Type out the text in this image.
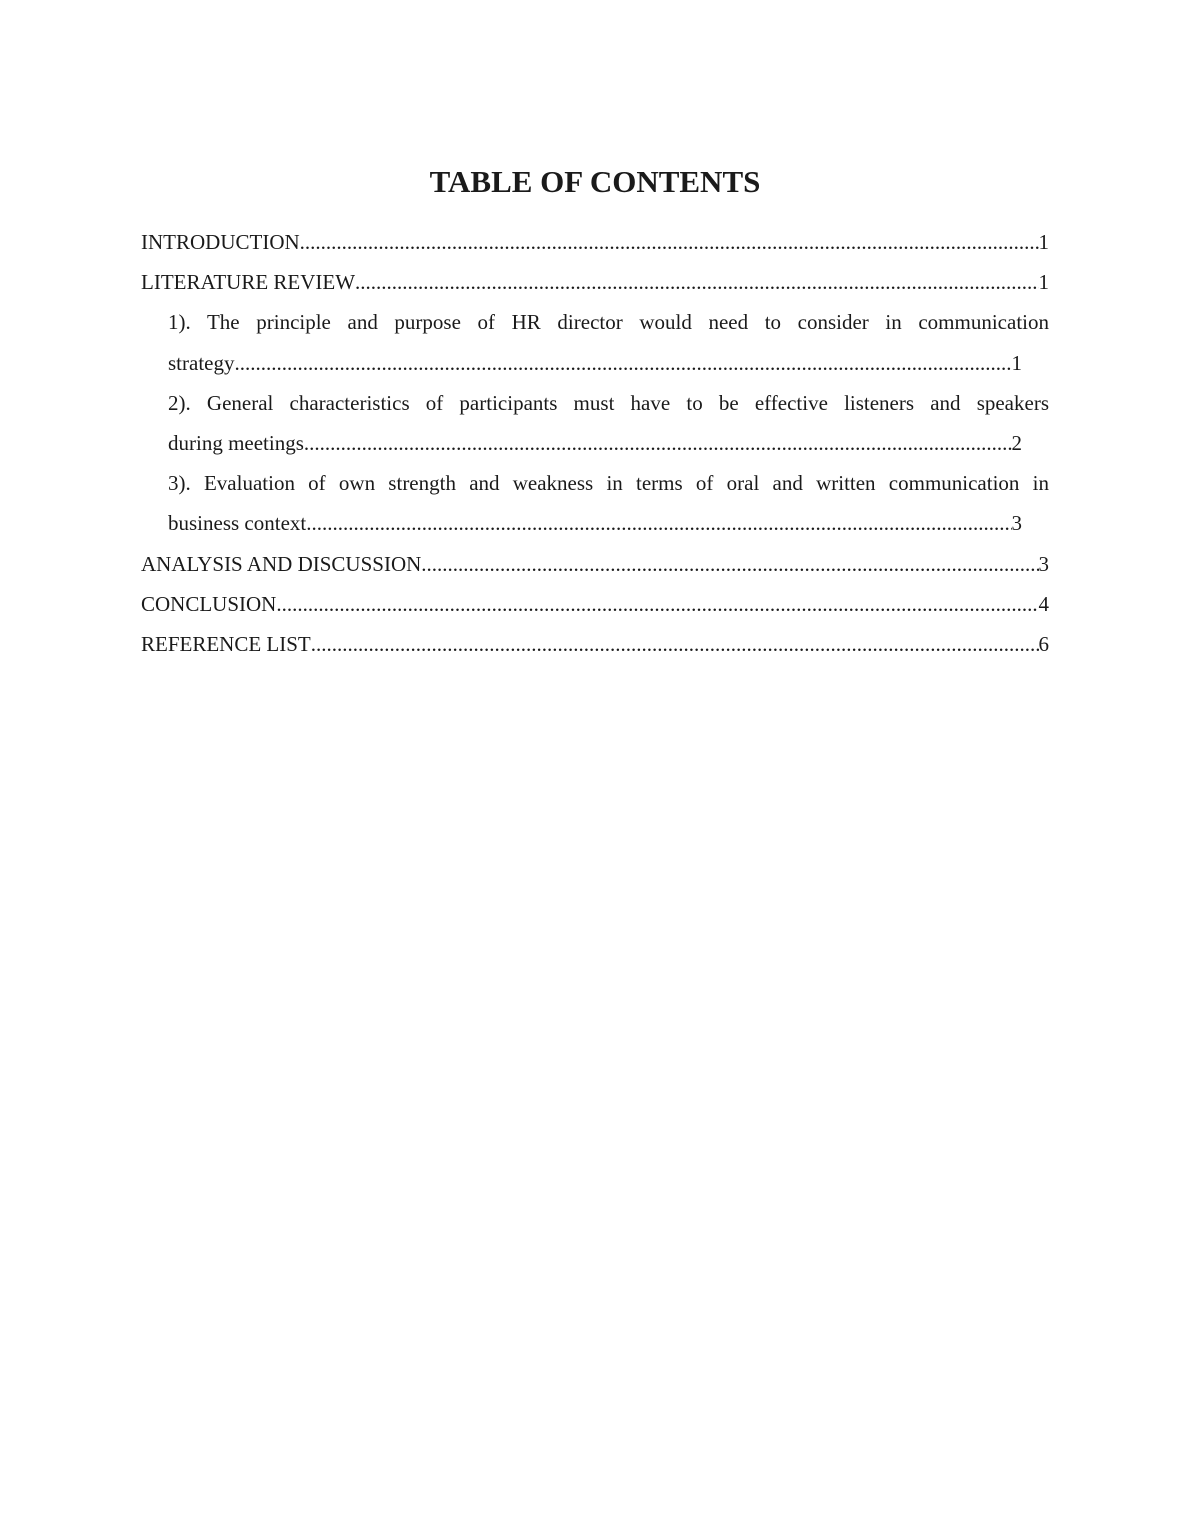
TABLE OF CONTENTS
INTRODUCTION .....	1
LITERATURE REVIEW .....	1
1). The principle and purpose of HR director would need to consider in communication
strategy .....	1
2). General characteristics of participants must have to be effective listeners and speakers
during meetings .....	2
3). Evaluation of own strength and weakness in terms of oral and written communication in
business context .....	3
ANALYSIS AND DISCUSSION .....	3
CONCLUSION .....	4
REFERENCE LIST .....	6
